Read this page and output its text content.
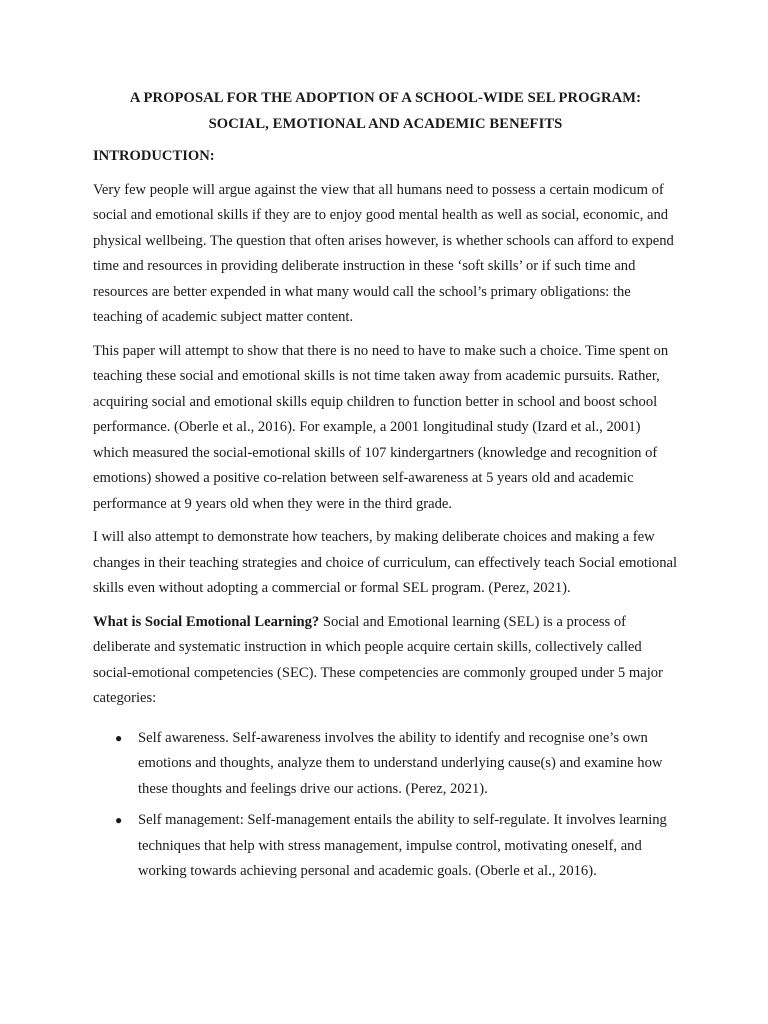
A PROPOSAL FOR THE ADOPTION OF A SCHOOL-WIDE SEL PROGRAM:

SOCIAL, EMOTIONAL AND ACADEMIC BENEFITS

INTRODUCTION:

Very few people will argue against the view that all humans need to possess a certain modicum of social and emotional skills if they are to enjoy good mental health as well as social, economic, and physical wellbeing. The question that often arises however, is whether schools can afford to expend time and resources in providing deliberate instruction in these ‘soft skills’ or if such time and resources are better expended in what many would call the school’s primary obligations: the teaching of academic subject matter content.

This paper will attempt to show that there is no need to have to make such a choice. Time spent on teaching these social and emotional skills is not time taken away from academic pursuits. Rather, acquiring social and emotional skills equip children to function better in school and boost school performance. (Oberle et al., 2016). For example, a 2001 longitudinal study (Izard et al., 2001) which measured the social-emotional skills of 107 kindergartners (knowledge and recognition of emotions) showed a positive co-relation between self-awareness at 5 years old and academic performance at 9 years old when they were in the third grade.

I will also attempt to demonstrate how teachers, by making deliberate choices and making a few changes in their teaching strategies and choice of curriculum, can effectively teach Social emotional skills even without adopting a commercial or formal SEL program. (Perez, 2021).

What is Social Emotional Learning? Social and Emotional learning (SEL) is a process of deliberate and systematic instruction in which people acquire certain skills, collectively called social-emotional competencies (SEC). These competencies are commonly grouped under 5 major categories:

● Self awareness. Self-awareness involves the ability to identify and recognise one’s own emotions and thoughts, analyze them to understand underlying cause(s) and examine how these thoughts and feelings drive our actions. (Perez, 2021).
● Self management: Self-management entails the ability to self-regulate. It involves learning techniques that help with stress management, impulse control, motivating oneself, and working towards achieving personal and academic goals. (Oberle et al., 2016).
